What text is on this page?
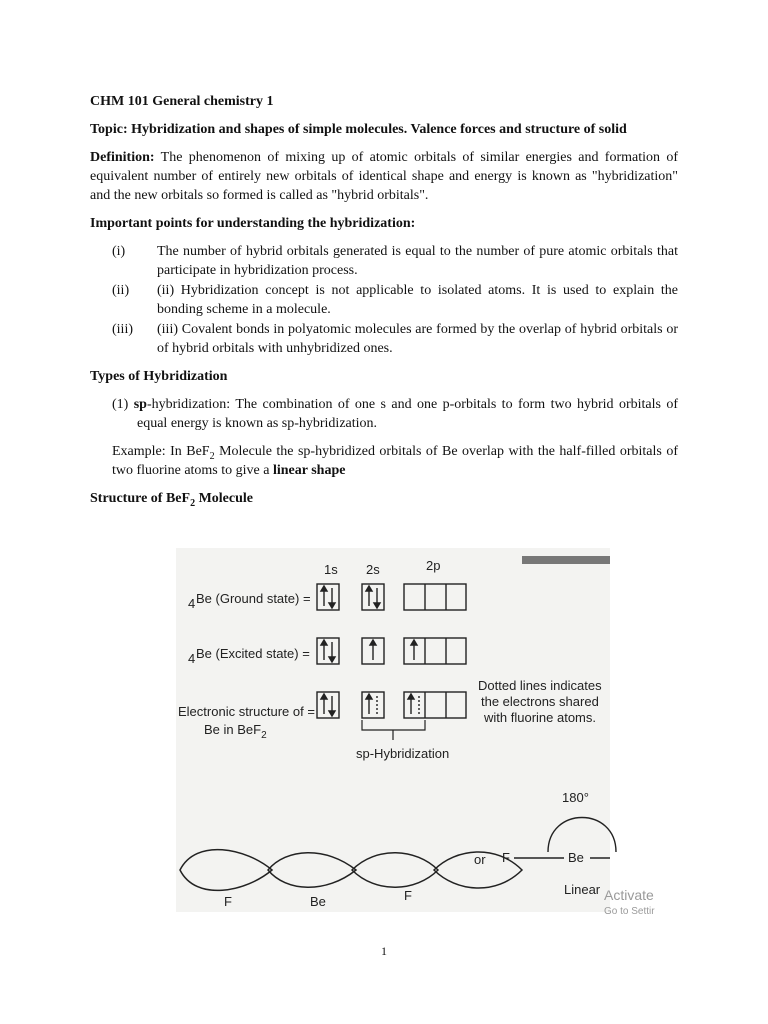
CHM 101 General chemistry 1

Topic: Hybridization and shapes of simple molecules. Valence forces and structure of solid

Definition: The phenomenon of mixing up of atomic orbitals of similar energies and formation of equivalent number of entirely new orbitals of identical shape and energy is known as "hybridization" and the new orbitals so formed is called as "hybrid orbitals".

Important points for understanding the hybridization:

(i)	The number of hybrid orbitals generated is equal to the number of pure atomic orbitals that participate in hybridization process.
(ii)	(ii) Hybridization concept is not applicable to isolated atoms. It is used to explain the bonding scheme in a molecule.
(iii)	(iii) Covalent bonds in polyatomic molecules are formed by the overlap of hybrid orbitals or of hybrid orbitals with unhybridized ones.

Types of Hybridization

(1) sp-hybridization: The combination of one s and one p-orbitals to form two hybrid orbitals of equal energy is known as sp-hybridization.

Example: In BeF$_2$ Molecule the sp-hybridized orbitals of Be overlap with the half-filled orbitals of two fluorine atoms to give a linear shape

Structure of BeF$_2$ Molecule

1s 2s	2p
4 Be (Ground state) =
4 Be (Excited state) =
Electronic structure of =
Be in BeF$_2$
sp-Hybridization
Dotted lines indicates
the electrons shared
with fluorine atoms.
F	Be	F
or
180°
F	Be
Linear Activate
Go to Settir
1
